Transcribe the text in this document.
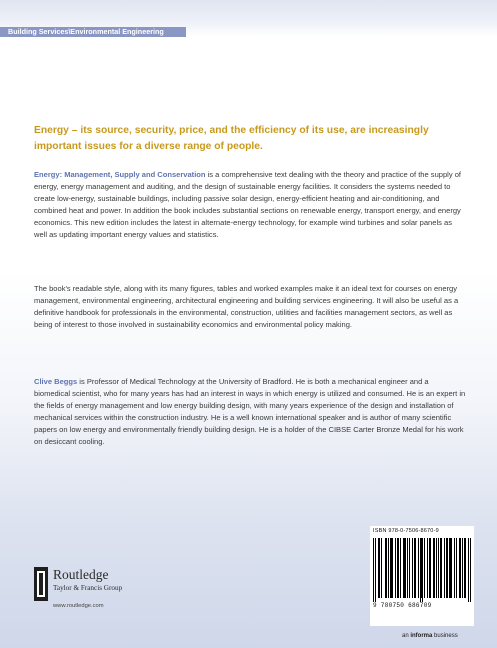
Building Services\Environmental Engineering

Energy – its source, security, price, and the efficiency of its use, are increasingly important issues for a diverse range of people.

Energy: Management, Supply and Conservation is a comprehensive text dealing with the theory and practice of the supply of energy, energy management and auditing, and the design of sustainable energy facilities. It considers the systems needed to create low-energy, sustainable buildings, including passive solar design, energy-efficient heating and air-conditioning, and combined heat and power. In addition the book includes substantial sections on renewable energy, transport energy, and energy economics. This new edition includes the latest in alternate-energy technology, for example wind turbines and solar panels as well as updating important energy values and statistics.

The book's readable style, along with its many figures, tables and worked examples make it an ideal text for courses on energy management, environmental engineering, architectural engineering and building services engineering. It will also be useful as a definitive handbook for professionals in the environmental, construction, utilities and facilities management sectors, as well as being of interest to those involved in sustainability economics and environmental policy making.

Clive Beggs is Professor of Medical Technology at the University of Bradford. He is both a mechanical engineer and a biomedical scientist, who for many years has had an interest in ways in which energy is utilized and consumed. He is an expert in the fields of energy management and low energy building design, with many years experience of the design and installation of mechanical services within the construction industry. He is a well known international speaker and is author of many scientific papers on low energy and environmentally friendly building design. He is a holder of the CIBSE Carter Bronze Medal for his work on desiccant cooling.

Routledge
Taylor & Francis Group
www.routledge.com
ISBN 978-0-7506-8670-9
9 780750 686709
an informa business
